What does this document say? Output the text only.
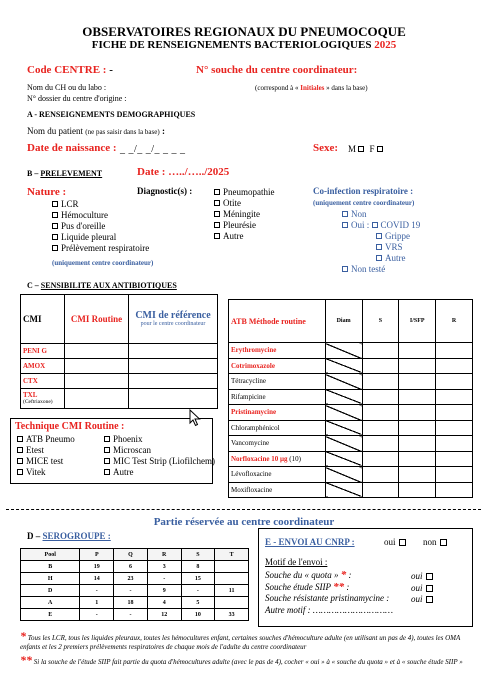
OBSERVATOIRES REGIONAUX DU PNEUMOCOQUE
FICHE DE RENSEIGNEMENTS BACTERIOLOGIQUES 2025
Code CENTRE : -	N° souche du centre coordinateur:
Nom du CH ou du labo :	(correspond à « Initiales » dans la base)
N° dossier du centre d'origine :
A - RENSEIGNEMENTS DEMOGRAPHIQUES
Nom du patient (ne pas saisir dans la base) :
Date de naissance : _ _/_ _/_ _ _ _	Sexe: M F
B – PRELEVEMENT	Date : …../…../2025
Nature :
LCR
Hémoculture
Pus d'oreille
Liquide pleural
Prélèvement respiratoire
(uniquement centre coordinateur)
Diagnostic(s) :	Pneumopathie
Otite
Méningite
Pleurésie
Autre
Co-infection respiratoire :
(uniquement centre coordinateur)
Non
Oui : COVID 19
Grippe
VRS
Autre
Non testé
C – SENSIBILITE AUX ANTIBIOTIQUES
CMI	CMI Routine	CMI de référence
pour le centre coordinateur

PENI G		
AMOX		
CTX		

TXL
(Ceftriaxone)		

ATB Méthode routine	Diam	S	I/SFP	R
Erythromycine				
Cotrimoxazole				
Tétracycline				
Rifampicine				
Pristinamycine				
Chloramphénicol				
Vancomycine				
Norfloxacine 10 µg (10)				
Lévofloxacine				
Moxifloxacine				
Technique CMI Routine :
ATB Pneumo
Etest
MICE test
Vitek
Phoenix
Microscan
MIC Test Strip (Liofilchem)
Autre
Partie réservée au centre coordinateur
D – SEROGROUPE :
Pool	P	Q	R	S	T
B	19	6	3	8	
H	14	23	-	15	
D	-	-	9	-	11
A	1	18	4	5	
E	-	-	12	10	33
E - ENVOI AU CNRP :	oui	non
Motif de l'envoi :
Souche du « quota » * :
Souche étude SIIP ** :
Souche résistante pristinamycine :
Autre motif : …………………………
oui
oui
oui
* Tous les LCR, tous les liquides pleuraux, toutes les hémocultures enfant, certaines souches d'hémoculture adulte (en utilisant un pas de 4), toutes les OMA enfants et les 2 premiers prélèvements respiratoires de chaque mois de l'adulte du centre coordinateur
** Si la souche de l'étude SIIP fait partie du quota d'hémocultures adulte (avec le pas de 4), cocher « oui » à « souche du quota » et à « souche étude SIIP »
